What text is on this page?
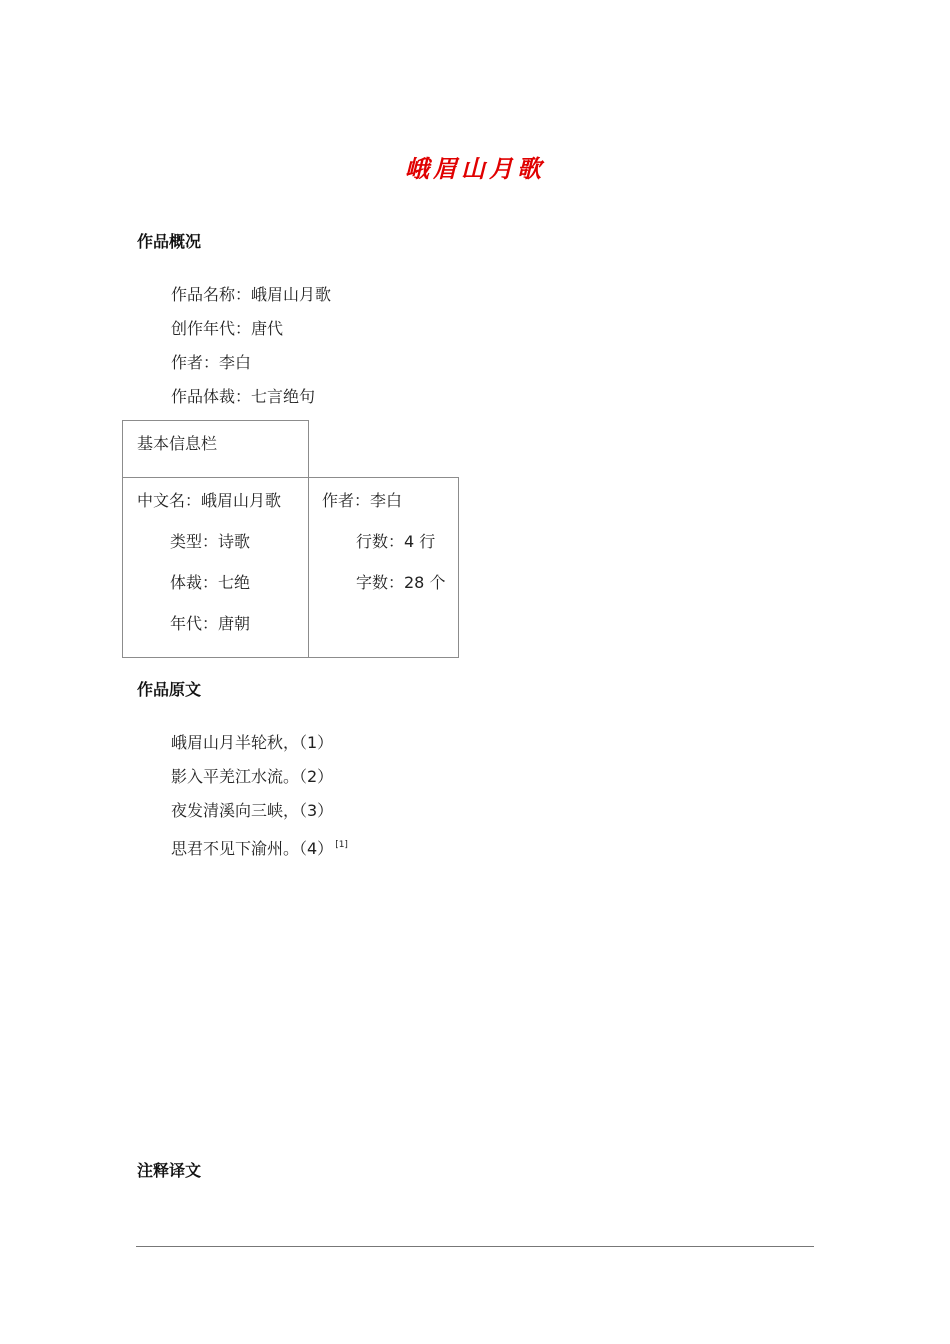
峨眉山月歌
作品概况
作品名称：峨眉山月歌
创作年代：唐代
作者：李白
作品体裁：七言绝句
基本信息栏
中文名：峨眉山月歌
类型：诗歌
体裁：七绝
年代：唐朝
作者：李白
行数：4 行
字数：28 个
作品原文
峨眉山月半轮秋，（1）
影入平羌江水流。（2）
夜发清溪向三峡，（3）
思君不见下渝州。（4） [1]
注释译文
